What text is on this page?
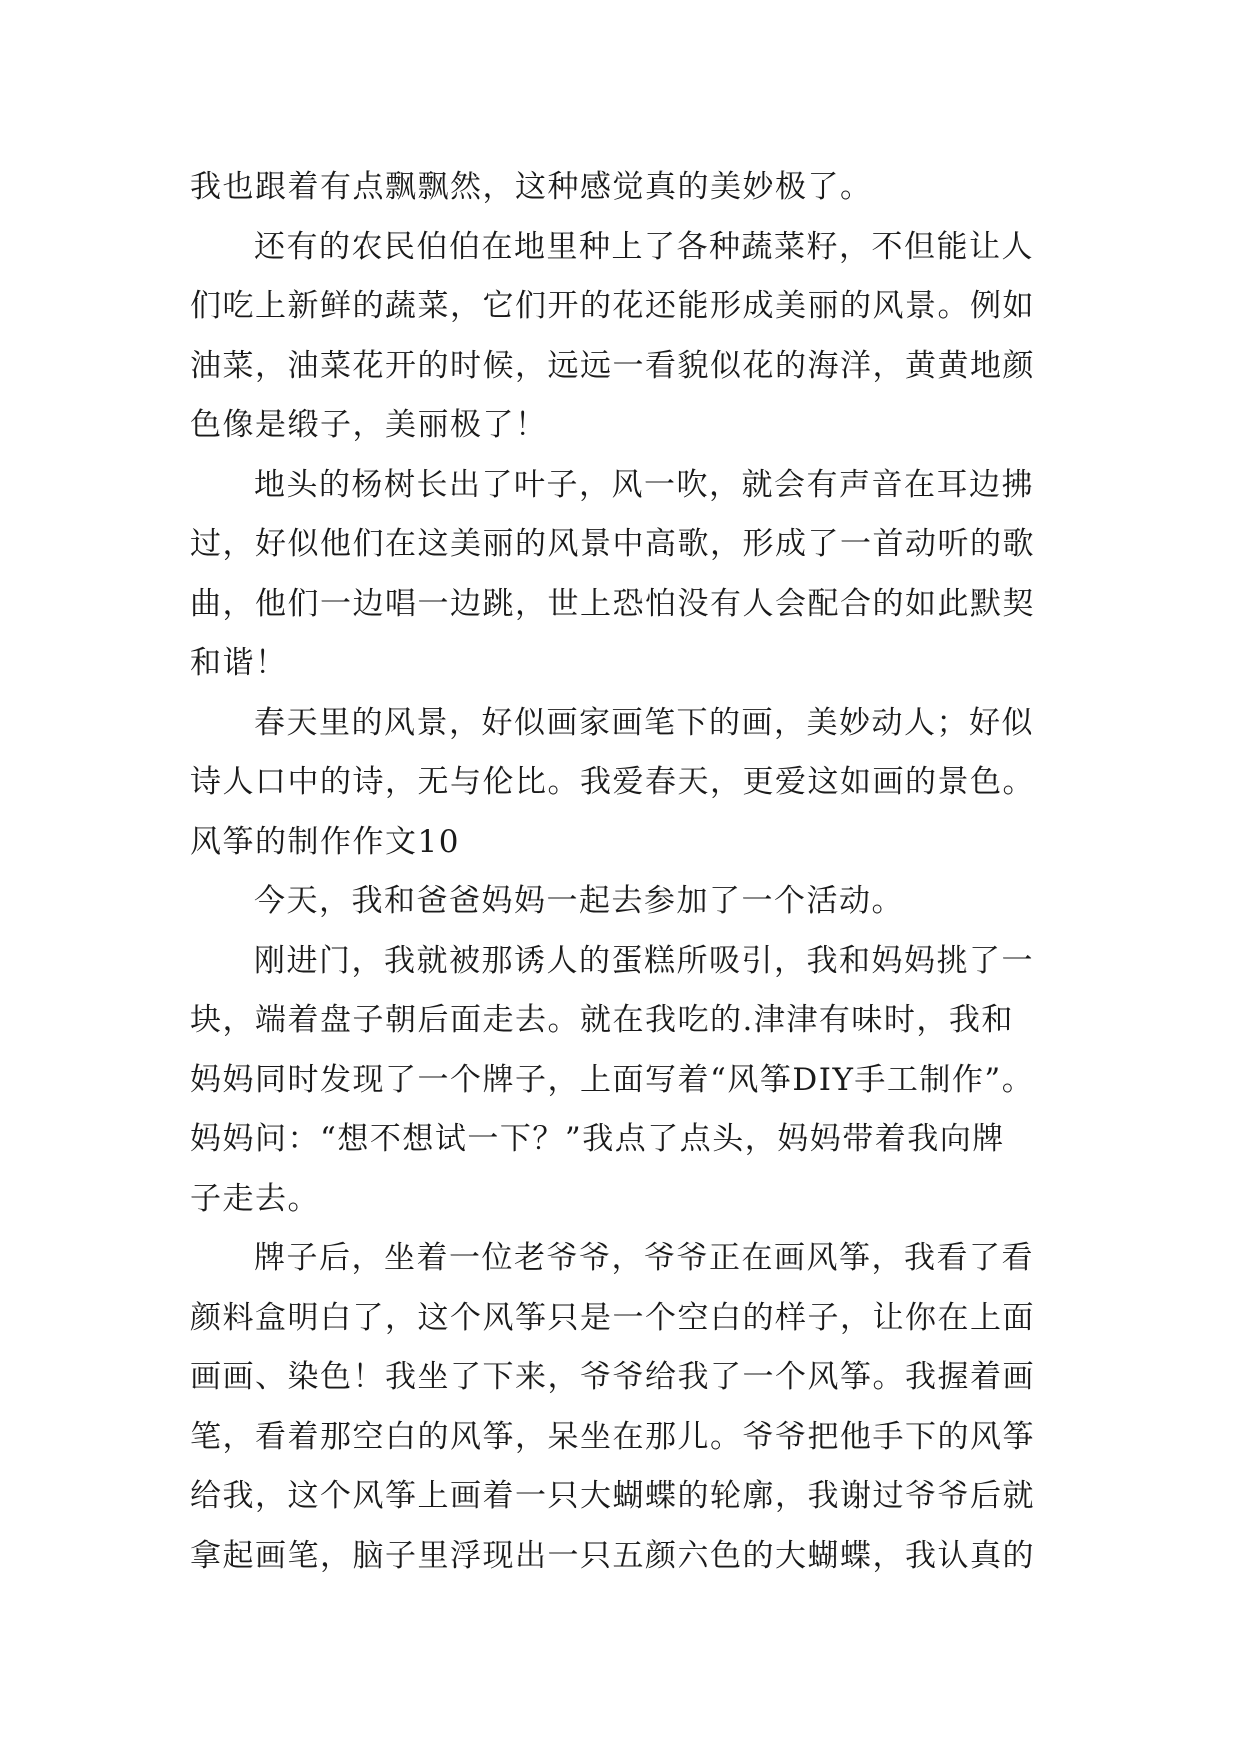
我也跟着有点飘飘然，这种感觉真的美妙极了。
还有的农民伯伯在地里种上了各种蔬菜籽，不但能让人
们吃上新鲜的蔬菜，它们开的花还能形成美丽的风景。例如
油菜，油菜花开的时候，远远一看貌似花的海洋，黄黄地颜
色像是缎子，美丽极了！
地头的杨树长出了叶子，风一吹，就会有声音在耳边拂
过，好似他们在这美丽的风景中高歌，形成了一首动听的歌
曲，他们一边唱一边跳，世上恐怕没有人会配合的如此默契
和谐！
春天里的风景，好似画家画笔下的画，美妙动人；好似
诗人口中的诗，无与伦比。我爱春天，更爱这如画的景色。
风筝的制作作文10
今天，我和爸爸妈妈一起去参加了一个活动。
刚进门，我就被那诱人的蛋糕所吸引，我和妈妈挑了一
块，端着盘子朝后面走去。就在我吃的.津津有味时，我和
妈妈同时发现了一个牌子，上面写着“风筝DIY手工制作”。
妈妈问：“想不想试一下？”我点了点头，妈妈带着我向牌
子走去。
牌子后，坐着一位老爷爷，爷爷正在画风筝，我看了看
颜料盒明白了，这个风筝只是一个空白的样子，让你在上面
画画、染色！我坐了下来，爷爷给我了一个风筝。我握着画
笔，看着那空白的风筝，呆坐在那儿。爷爷把他手下的风筝
给我，这个风筝上画着一只大蝴蝶的轮廓，我谢过爷爷后就
拿起画笔，脑子里浮现出一只五颜六色的大蝴蝶，我认真的
